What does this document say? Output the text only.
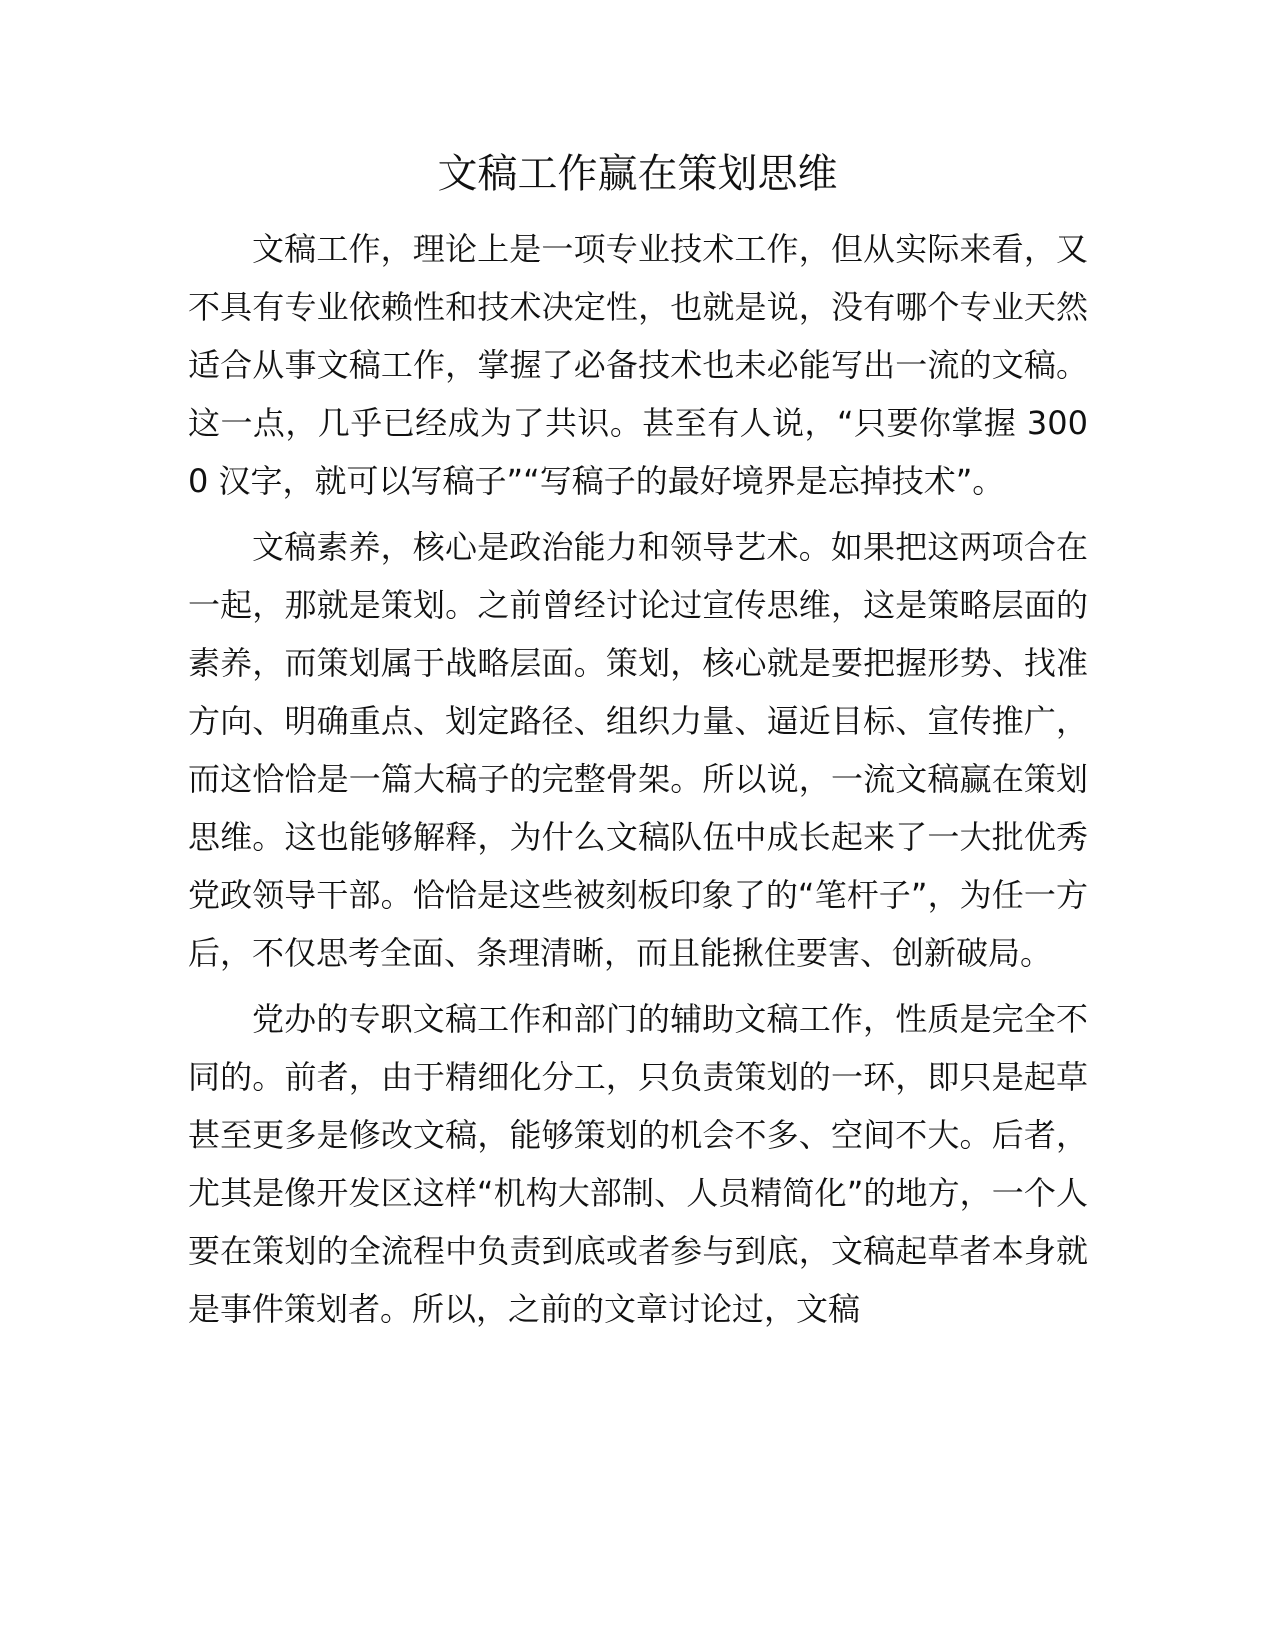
文稿工作赢在策划思维

文稿工作，理论上是一项专业技术工作，但从实际来看，又不具有专业依赖性和技术决定性，也就是说，没有哪个专业天然适合从事文稿工作，掌握了必备技术也未必能写出一流的文稿。这一点，几乎已经成为了共识。甚至有人说，“只要你掌握 3000 汉字，就可以写稿子”“写稿子的最好境界是忘掉技术”。

文稿素养，核心是政治能力和领导艺术。如果把这两项合在一起，那就是策划。之前曾经讨论过宣传思维，这是策略层面的素养，而策划属于战略层面。策划，核心就是要把握形势、找准方向、明确重点、划定路径、组织力量、逼近目标、宣传推广，而这恰恰是一篇大稿子的完整骨架。所以说，一流文稿赢在策划思维。这也能够解释，为什么文稿队伍中成长起来了一大批优秀党政领导干部。恰恰是这些被刻板印象了的“笔杆子”，为任一方后，不仅思考全面、条理清晰，而且能揪住要害、创新破局。

党办的专职文稿工作和部门的辅助文稿工作，性质是完全不同的。前者，由于精细化分工，只负责策划的一环，即只是起草甚至更多是修改文稿，能够策划的机会不多、空间不大。后者，尤其是像开发区这样“机构大部制、人员精简化”的地方，一个人要在策划的全流程中负责到底或者参与到底，文稿起草者本身就是事件策划者。所以，之前的文章讨论过，文稿
